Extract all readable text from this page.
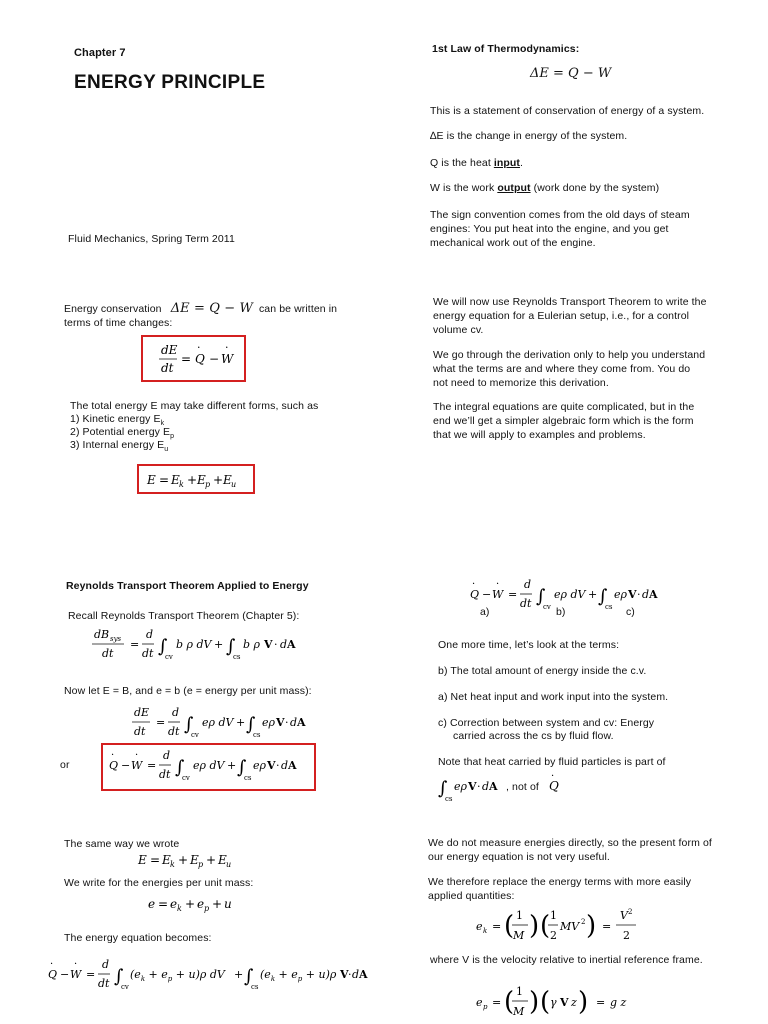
Chapter 7
ENERGY PRINCIPLE
Fluid Mechanics, Spring Term 2011
1st Law of Thermodynamics:
ΔE = Q − W
This is a statement of conservation of energy of a system.
∆E is the change in energy of the system.
Q is the heat input.
W is the work output (work done by the system)
The sign convention comes from the old days of steam engines: You put heat into the engine, and you get mechanical work out of the engine.
Energy conservation ΔE = Q − W can be written in
terms of time changes:
dE
dt
= Q
·
− W
·
The total energy E may take different forms, such as
1) Kinetic energy $E_k$
2) Potential energy $E_p$
3) Internal energy $E_u$
E = E k + E p + E u
We will now use Reynolds Transport Theorem to write the energy equation for a Eulerian setup, i.e., for a control volume cv.
We go through the derivation only to help you understand what the terms are and where they come from. You do not need to memorize this derivation.
The integral equations are quite complicated, but in the end we’ll get a simpler algebraic form which is the form that we will apply to examples and problems.
Reynolds Transport Theorem Applied to Energy
Recall Reynolds Transport Theorem (Chapter 5):
dB sys
dt
=
d
dt ∫
cv
b ρ dV + ∫
cs
b ρ V · d A
Now let E = B, and e = b (e = energy per unit mass):
dE
dt
=
d
dt ∫
cv
eρ dV + ∫
cs
eρ V · d A
or	Q
·
− W
·
=
d
dt ∫
cv
eρ dV + ∫
cs
eρ V · d A
Q
·
− W
·
=
d
dt ∫
cv
eρ dV + ∫
cs
eρ V · d A
a)	b)	c)
One more time, let’s look at the terms:
b) The total amount of energy inside the c.v.
a) Net heat input and work input into the system.
c) Correction between system and cv: Energy
carried across the cs by fluid flow.
Note that heat carried by fluid particles is part of
∫
cs
eρ V · d A , not of Q
·
The same way we wrote
E = E k + E p + E u
We write for the energies per unit mass:
e = e k + e p + u
The energy equation becomes:
Q
·
− W
·
=
d
dt ∫
cv
$(e_k + e_p + u)\rho$ dV + ∫
cs
$(e_k + e_p + u)\rho$ V · d A
We do not measure energies directly, so the present form of our energy equation is not very useful.
We therefore replace the energy terms with more easily applied quantities:
e k = ( 1
M ) ( 1
2
MV 2 ) =
V 2
2
where V is the velocity relative to inertial reference frame.
e p = ( 1
M ) ( γ V z ) = g z
